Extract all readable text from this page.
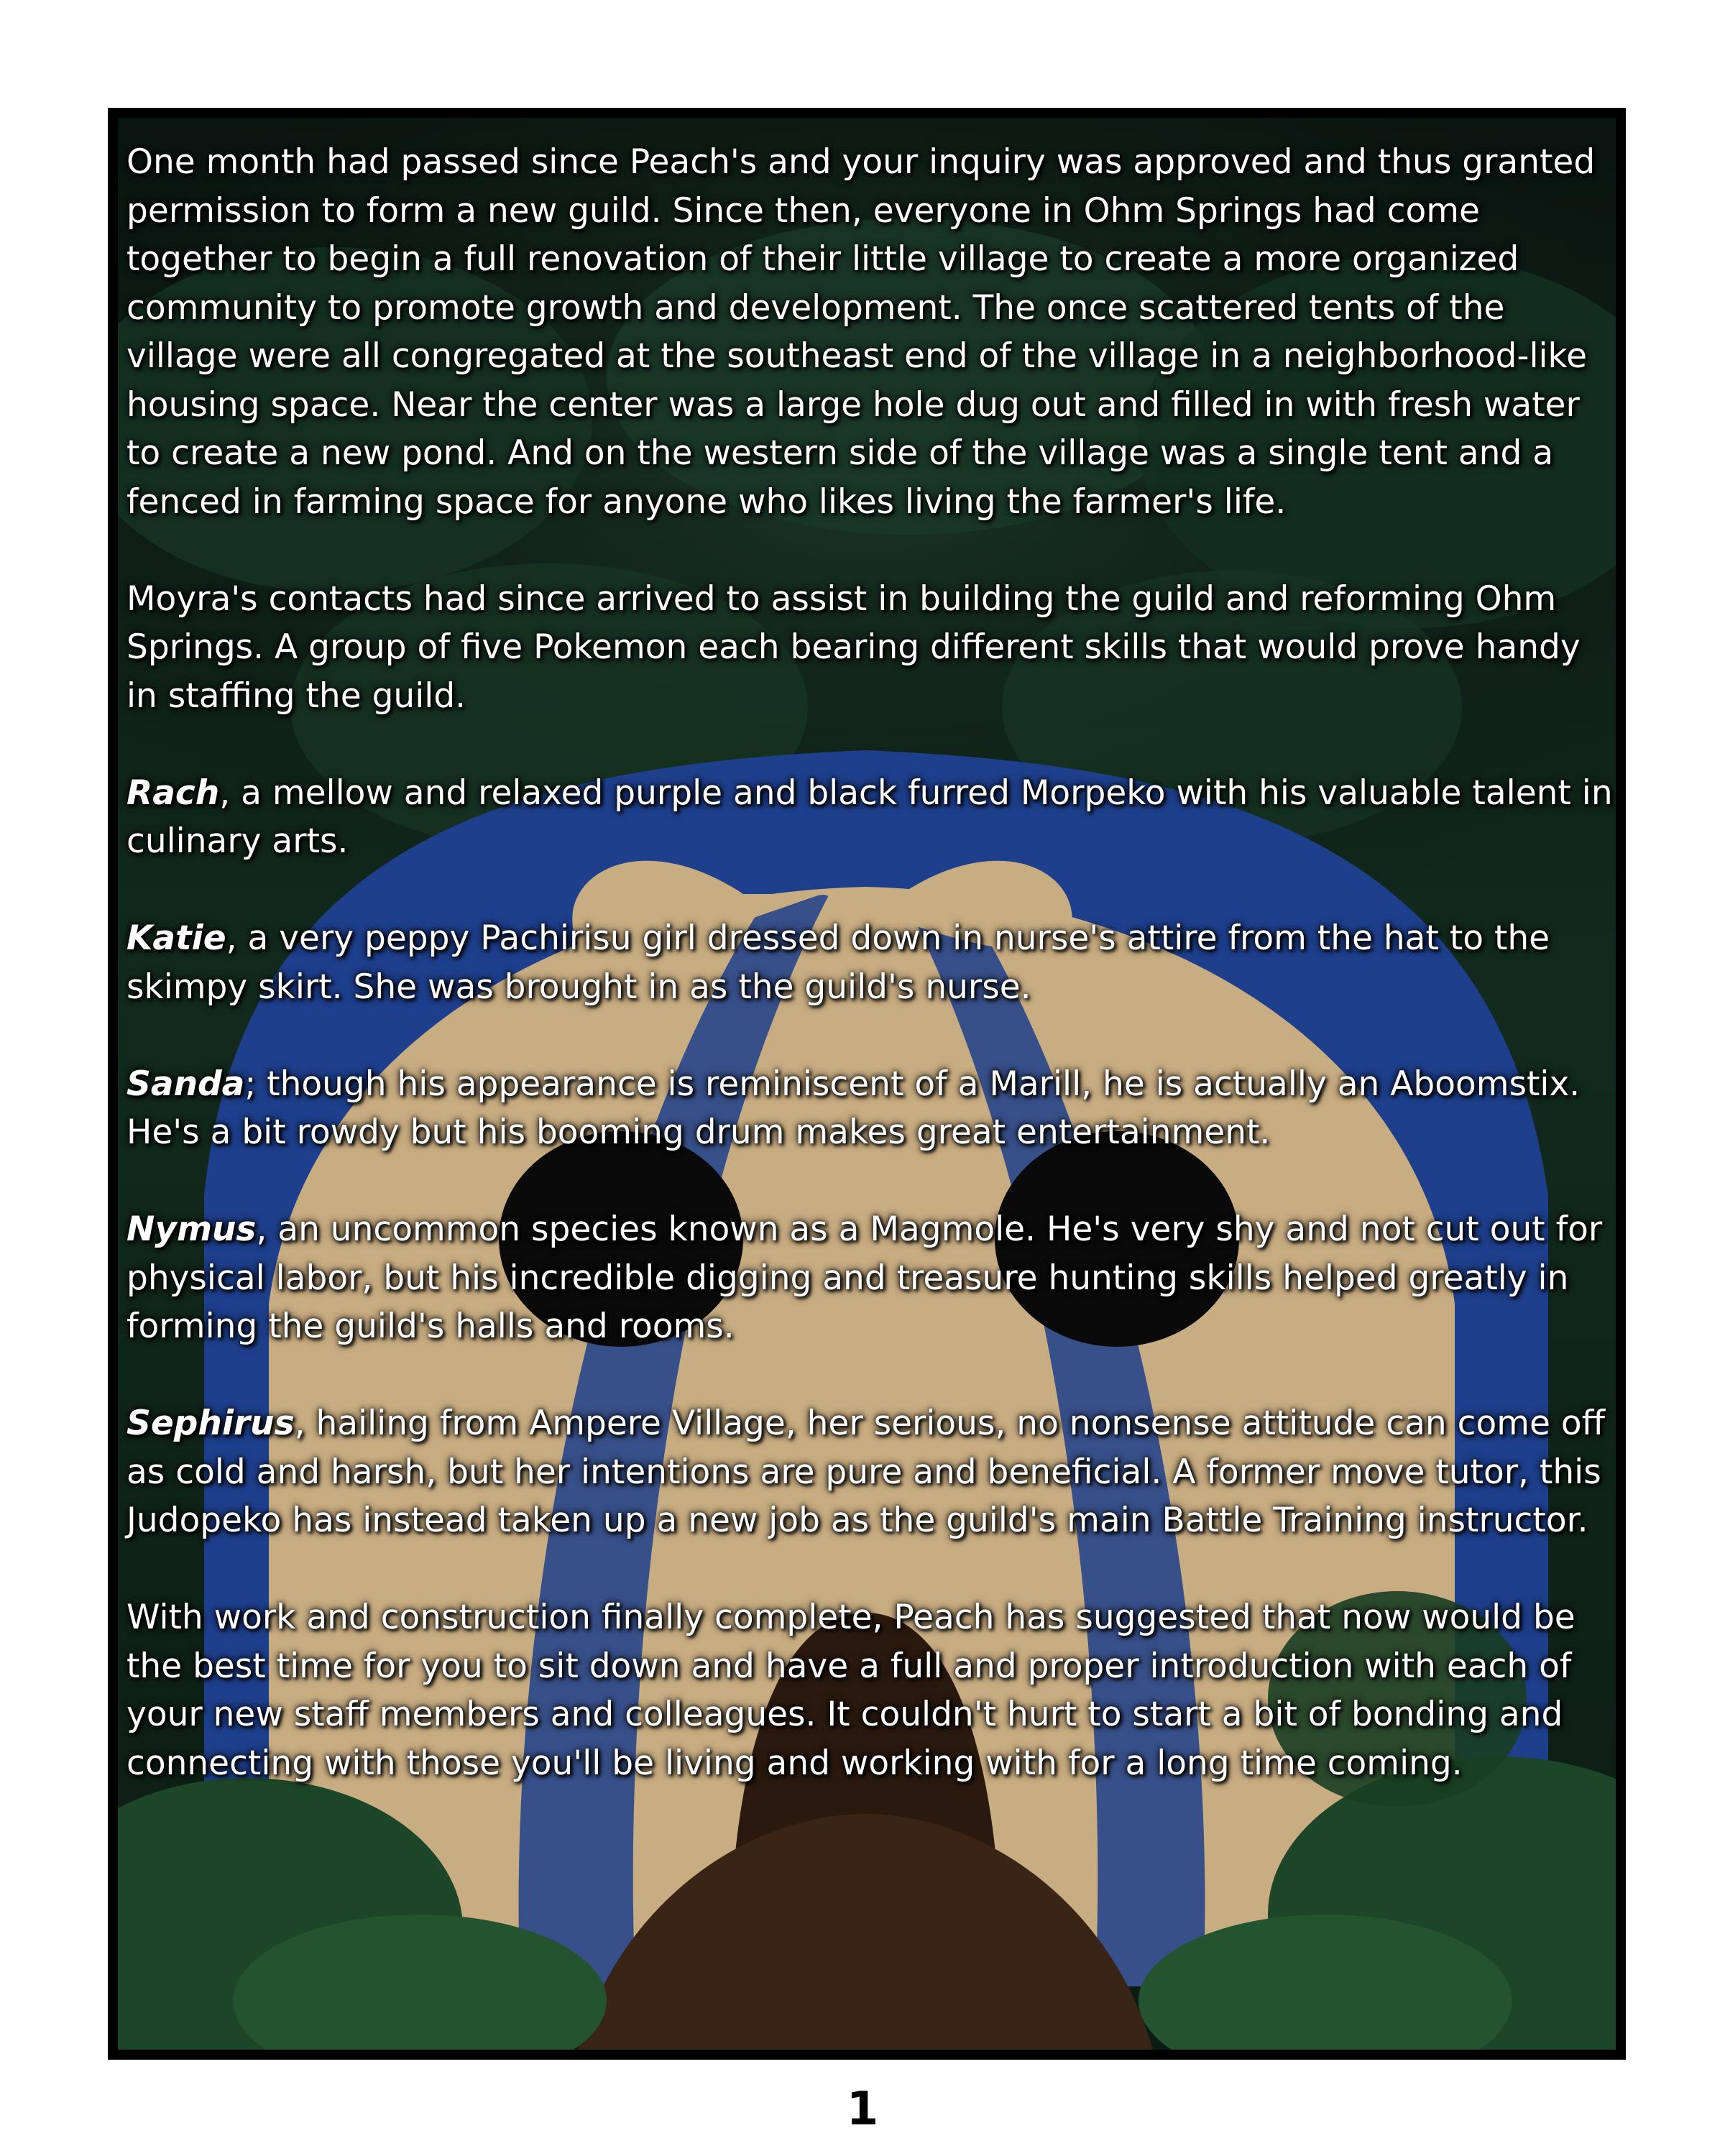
One month had passed since Peach's and your inquiry was approved and thus granted permission to form a new guild. Since then, everyone in Ohm Springs had come together to begin a full renovation of their little village to create a more organized community to promote growth and development. The once scattered tents of the village were all congregated at the southeast end of the village in a neighborhood-like housing space. Near the center was a large hole dug out and filled in with fresh water to create a new pond. And on the western side of the village was a single tent and a fenced in farming space for anyone who likes living the farmer's life.

Moyra's contacts had since arrived to assist in building the guild and reforming Ohm Springs. A group of five Pokemon each bearing different skills that would prove handy in staffing the guild.

Rach, a mellow and relaxed purple and black furred Morpeko with his valuable talent in culinary arts.

Katie, a very peppy Pachirisu girl dressed down in nurse's attire from the hat to the skimpy skirt. She was brought in as the guild's nurse.

Sanda; though his appearance is reminiscent of a Marill, he is actually an Aboomstix. He's a bit rowdy but his booming drum makes great entertainment.

Nymus, an uncommon species known as a Magmole. He's very shy and not cut out for physical labor, but his incredible digging and treasure hunting skills helped greatly in forming the guild's halls and rooms.

Sephirus, hailing from Ampere Village, her serious, no nonsense attitude can come off as cold and harsh, but her intentions are pure and beneficial. A former move tutor, this Judopeko has instead taken up a new job as the guild's main Battle Training instructor.

With work and construction finally complete, Peach has suggested that now would be the best time for you to sit down and have a full and proper introduction with each of your new staff members and colleagues. It couldn't hurt to start a bit of bonding and connecting with those you'll be living and working with for a long time coming.

1
